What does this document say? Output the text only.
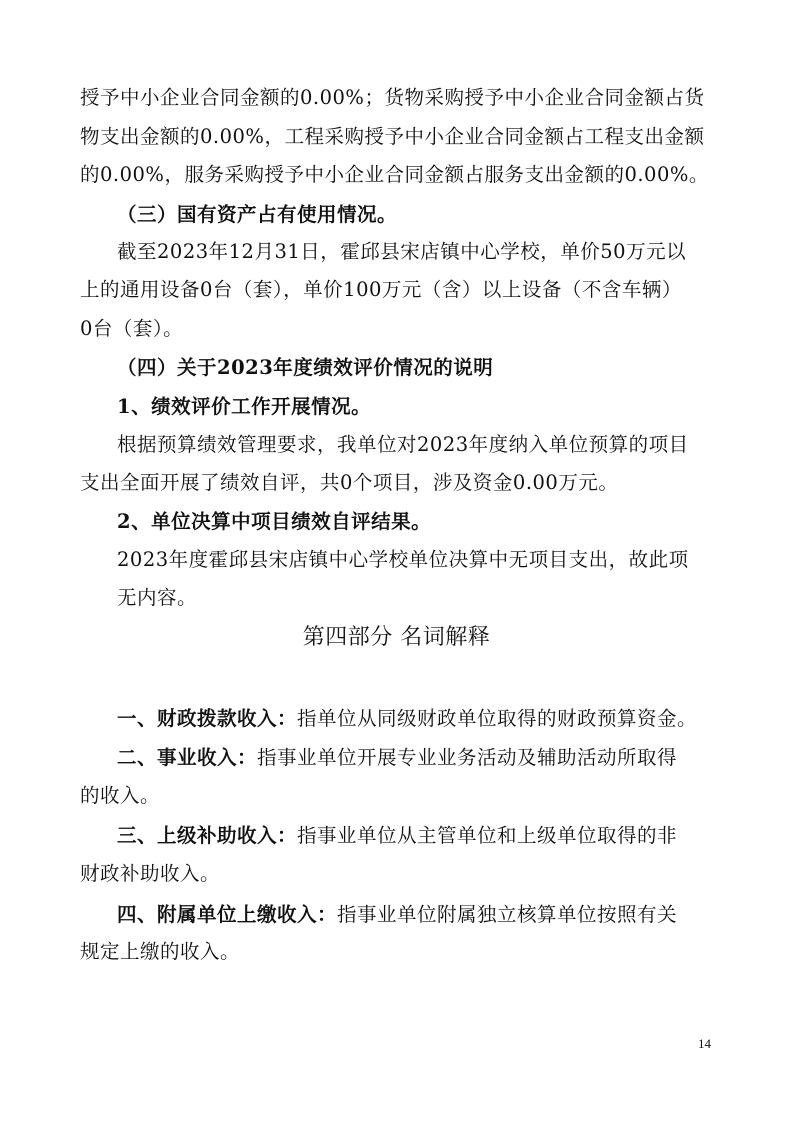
授予中小企业合同金额的0.00%；货物采购授予中小企业合同金额占货
物支出金额的0.00%，工程采购授予中小企业合同金额占工程支出金额
的0.00%，服务采购授予中小企业合同金额占服务支出金额的0.00%。
（三）国有资产占有使用情况。
截至2023年12月31日，霍邱县宋店镇中心学校，单价50万元以
上的通用设备0台（套），单价100万元（含）以上设备（不含车辆）
0台（套）。
（四）关于2023年度绩效评价情况的说明
1、绩效评价工作开展情况。
根据预算绩效管理要求，我单位对2023年度纳入单位预算的项目
支出全面开展了绩效自评，共0个项目，涉及资金0.00万元。
2、单位决算中项目绩效自评结果。
2023年度霍邱县宋店镇中心学校单位决算中无项目支出，故此项
无内容。
第四部分 名词解释
一、财政拨款收入：指单位从同级财政单位取得的财政预算资金。
二、事业收入：指事业单位开展专业业务活动及辅助活动所取得
的收入。
三、上级补助收入：指事业单位从主管单位和上级单位取得的非
财政补助收入。
四、附属单位上缴收入：指事业单位附属独立核算单位按照有关
规定上缴的收入。
14
